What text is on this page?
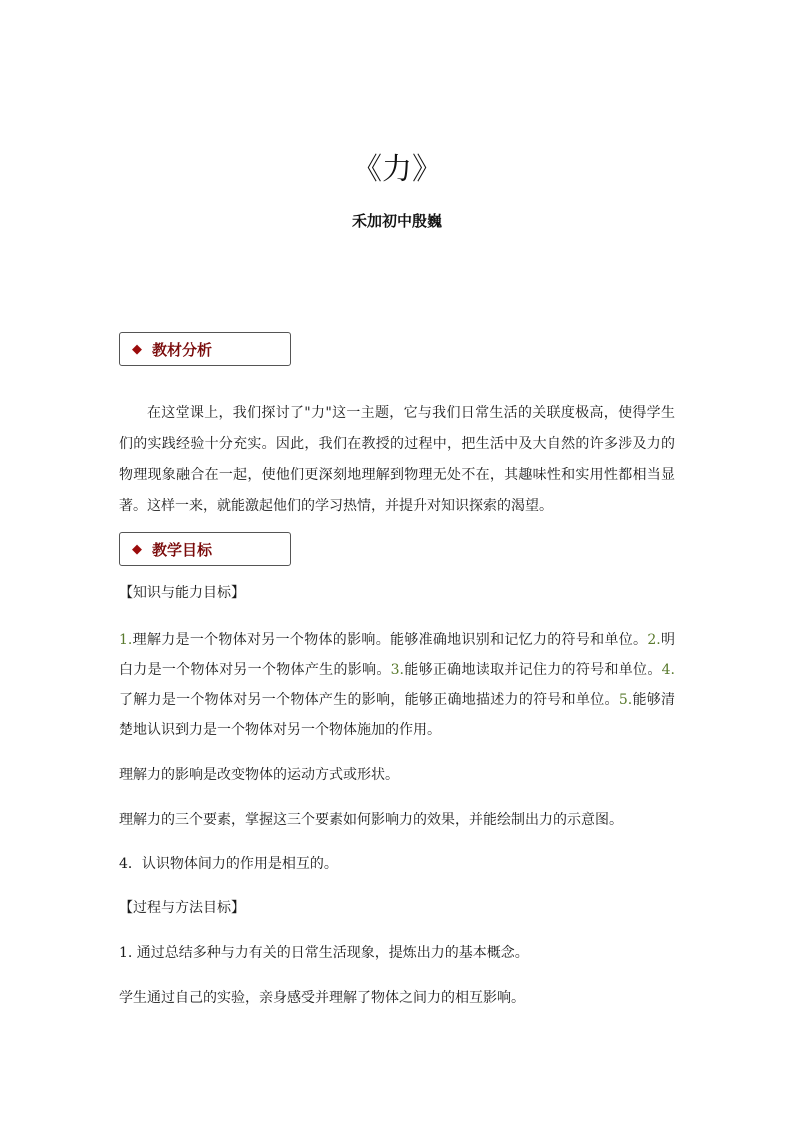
《力》
禾加初中殷巍
◆ 教材分析

在这堂课上，我们探讨了"力"这一主题，它与我们日常生活的关联度极高，使得学生们的实践经验十分充实。因此，我们在教授的过程中，把生活中及大自然的许多涉及力的物理现象融合在一起，使他们更深刻地理解到物理无处不在，其趣味性和实用性都相当显著。这样一来，就能激起他们的学习热情，并提升对知识探索的渴望。

◆ 教学目标
【知识与能力目标】

1.理解力是一个物体对另一个物体的影响。能够准确地识别和记忆力的符号和单位。2.明白力是一个物体对另一个物体产生的影响。3.能够正确地读取并记住力的符号和单位。4.了解力是一个物体对另一个物体产生的影响，能够正确地描述力的符号和单位。5.能够清楚地认识到力是一个物体对另一个物体施加的作用。

理解力的影响是改变物体的运动方式或形状。
理解力的三个要素，掌握这三个要素如何影响力的效果，并能绘制出力的示意图。
4．认识物体间力的作用是相互的。
【过程与方法目标】
1. 通过总结多种与力有关的日常生活现象，提炼出力的基本概念。
学生通过自己的实验，亲身感受并理解了物体之间力的相互影响。
